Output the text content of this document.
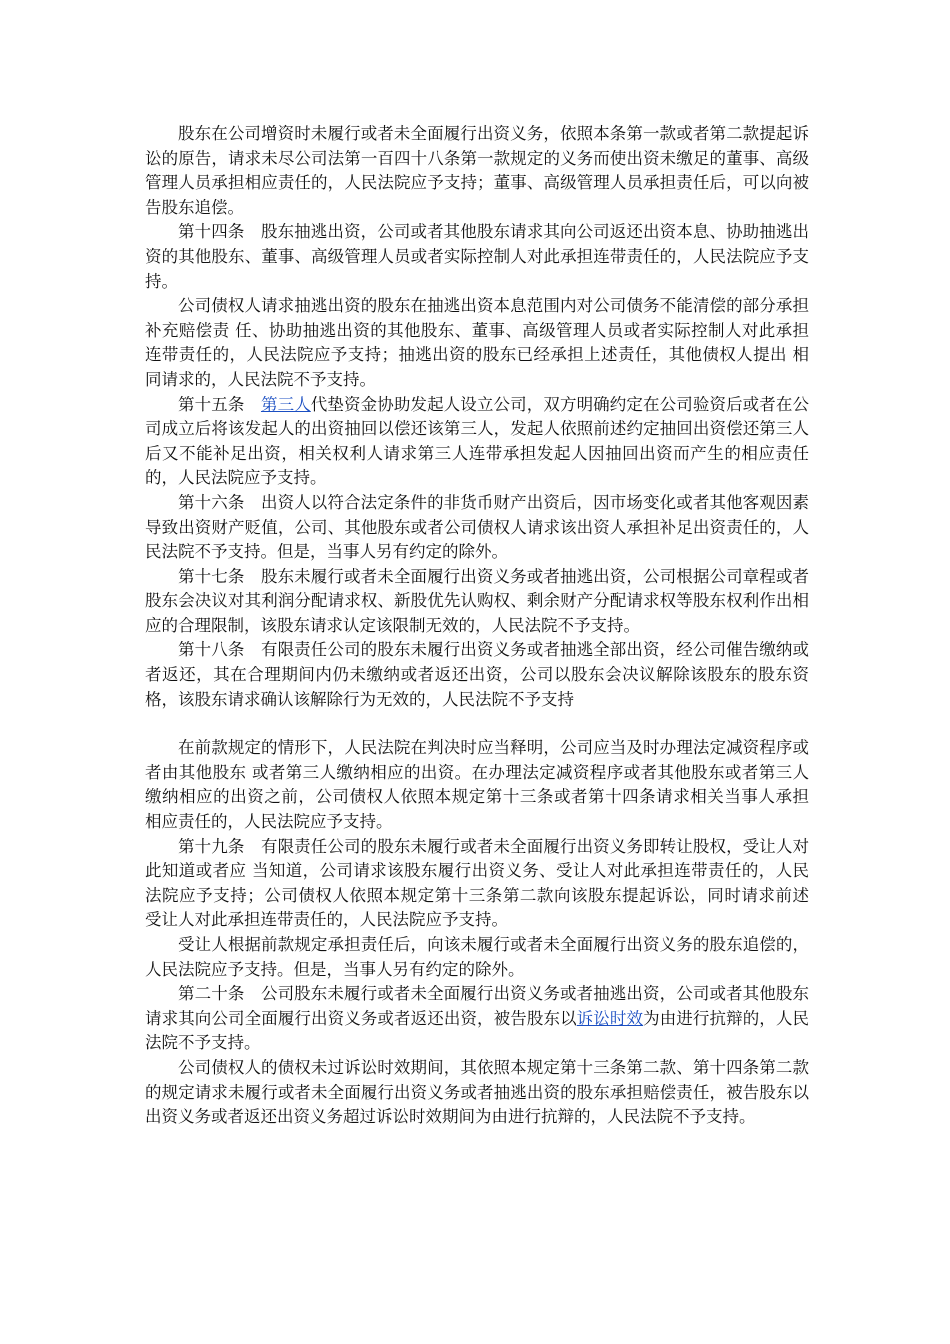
股东在公司增资时未履行或者未全面履行出资义务，依照本条第一款或者第二款提起诉讼的原告，请求未尽公司法第一百四十八条第一款规定的义务而使出资未缴足的董事、高级管理人员承担相应责任的，人民法院应予支持；董事、高级管理人员承担责任后，可以向被告股东追偿。

第十四条 股东抽逃出资，公司或者其他股东请求其向公司返还出资本息、协助抽逃出资的其他股东、董事、高级管理人员或者实际控制人对此承担连带责任的，人民法院应予支持。

公司债权人请求抽逃出资的股东在抽逃出资本息范围内对公司债务不能清偿的部分承担补充赔偿责 任、协助抽逃出资的其他股东、董事、高级管理人员或者实际控制人对此承担连带责任的，人民法院应予支持；抽逃出资的股东已经承担上述责任，其他债权人提出 相同请求的，人民法院不予支持。

第十五条 第三人代垫资金协助发起人设立公司，双方明确约定在公司验资后或者在公司成立后将该发起人的出资抽回以偿还该第三人，发起人依照前述约定抽回出资偿还第三人后又不能补足出资，相关权利人请求第三人连带承担发起人因抽回出资而产生的相应责任的，人民法院应予支持。

第十六条 出资人以符合法定条件的非货币财产出资后，因市场变化或者其他客观因素导致出资财产贬值，公司、其他股东或者公司债权人请求该出资人承担补足出资责任的，人民法院不予支持。但是，当事人另有约定的除外。

第十七条 股东未履行或者未全面履行出资义务或者抽逃出资，公司根据公司章程或者股东会决议对其利润分配请求权、新股优先认购权、剩余财产分配请求权等股东权利作出相应的合理限制，该股东请求认定该限制无效的，人民法院不予支持。

第十八条 有限责任公司的股东未履行出资义务或者抽逃全部出资，经公司催告缴纳或者返还，其在合理期间内仍未缴纳或者返还出资，公司以股东会决议解除该股东的股东资格，该股东请求确认该解除行为无效的，人民法院不予支持

在前款规定的情形下，人民法院在判决时应当释明，公司应当及时办理法定减资程序或者由其他股东 或者第三人缴纳相应的出资。在办理法定减资程序或者其他股东或者第三人缴纳相应的出资之前，公司债权人依照本规定第十三条或者第十四条请求相关当事人承担 相应责任的，人民法院应予支持。

第十九条 有限责任公司的股东未履行或者未全面履行出资义务即转让股权，受让人对此知道或者应 当知道，公司请求该股东履行出资义务、受让人对此承担连带责任的，人民法院应予支持；公司债权人依照本规定第十三条第二款向该股东提起诉讼，同时请求前述 受让人对此承担连带责任的，人民法院应予支持。

受让人根据前款规定承担责任后，向该未履行或者未全面履行出资义务的股东追偿的，人民法院应予支持。但是，当事人另有约定的除外。

第二十条 公司股东未履行或者未全面履行出资义务或者抽逃出资，公司或者其他股东请求其向公司全面履行出资义务或者返还出资，被告股东以诉讼时效为由进行抗辩的，人民法院不予支持。

公司债权人的债权未过诉讼时效期间，其依照本规定第十三条第二款、第十四条第二款的规定请求未履行或者未全面履行出资义务或者抽逃出资的股东承担赔偿责任，被告股东以出资义务或者返还出资义务超过诉讼时效期间为由进行抗辩的，人民法院不予支持。
